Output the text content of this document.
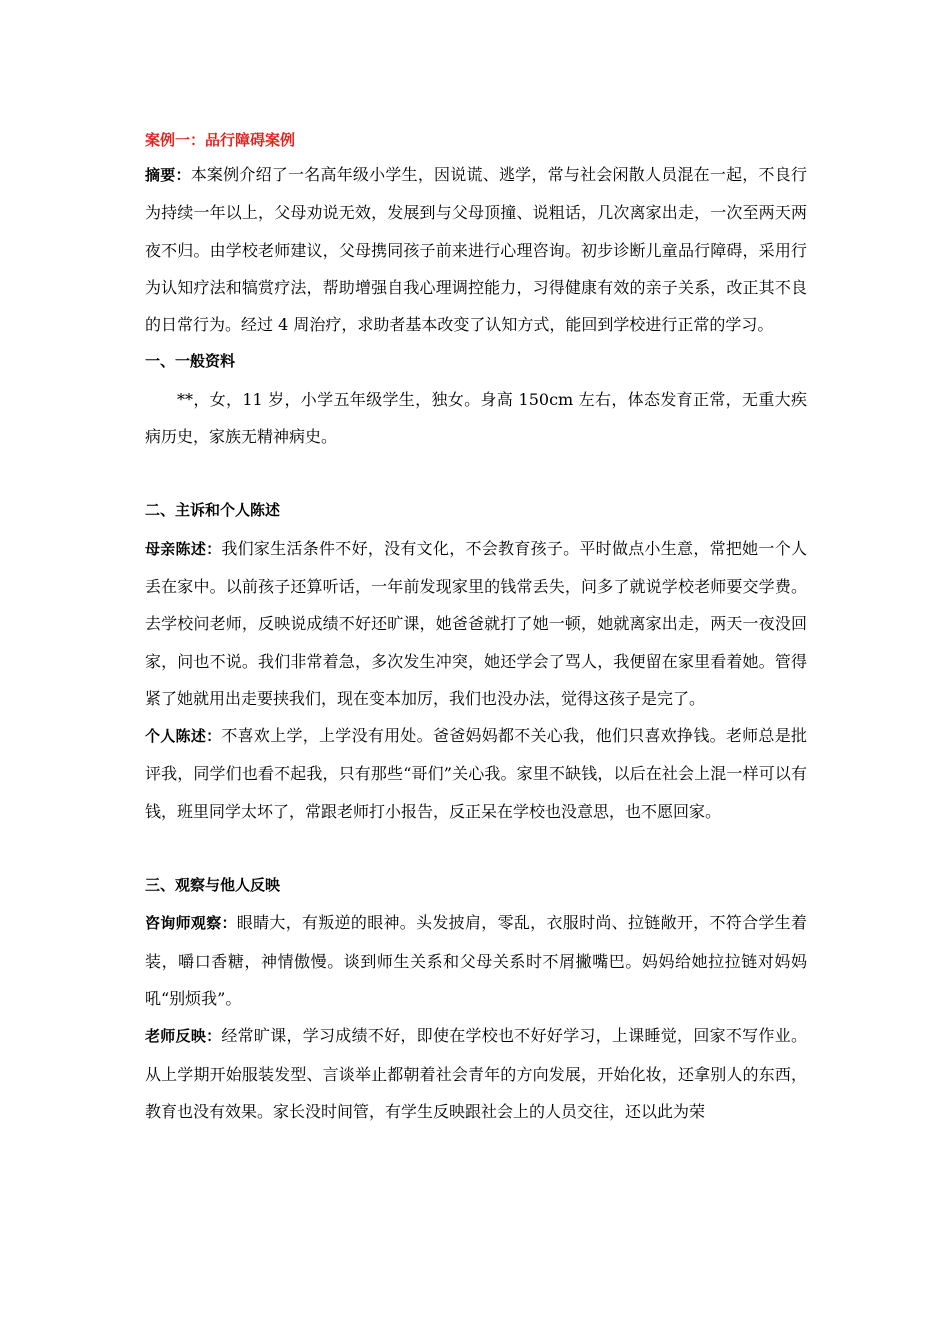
案例一：品行障碍案例

摘要：本案例介绍了一名高年级小学生，因说谎、逃学，常与社会闲散人员混在一起，不良行为持续一年以上，父母劝说无效，发展到与父母顶撞、说粗话，几次离家出走，一次至两天两夜不归。由学校老师建议，父母携同孩子前来进行心理咨询。初步诊断儿童品行障碍，采用行为认知疗法和犒赏疗法，帮助增强自我心理调控能力，习得健康有效的亲子关系，改正其不良的日常行为。经过 4 周治疗，求助者基本改变了认知方式，能回到学校进行正常的学习。

一、一般资料

**，女，11 岁，小学五年级学生，独女。身高 150cm 左右，体态发育正常，无重大疾病历史，家族无精神病史。

二、主诉和个人陈述

母亲陈述：我们家生活条件不好，没有文化，不会教育孩子。平时做点小生意，常把她一个人丢在家中。以前孩子还算听话，一年前发现家里的钱常丢失，问多了就说学校老师要交学费。去学校问老师，反映说成绩不好还旷课，她爸爸就打了她一顿，她就离家出走，两天一夜没回家，问也不说。我们非常着急，多次发生冲突，她还学会了骂人，我便留在家里看着她。管得紧了她就用出走要挟我们，现在变本加厉，我们也没办法，觉得这孩子是完了。

个人陈述：不喜欢上学，上学没有用处。爸爸妈妈都不关心我，他们只喜欢挣钱。老师总是批评我，同学们也看不起我，只有那些“哥们”关心我。家里不缺钱，以后在社会上混一样可以有钱，班里同学太坏了，常跟老师打小报告，反正呆在学校也没意思，也不愿回家。

三、观察与他人反映

咨询师观察：眼睛大，有叛逆的眼神。头发披肩，零乱，衣服时尚、拉链敞开，不符合学生着装，嚼口香糖，神情傲慢。谈到师生关系和父母关系时不屑撇嘴巴。妈妈给她拉拉链对妈妈吼“别烦我”。

老师反映：经常旷课，学习成绩不好，即使在学校也不好好学习，上课睡觉，回家不写作业。从上学期开始服装发型、言谈举止都朝着社会青年的方向发展，开始化妆，还拿别人的东西，教育也没有效果。家长没时间管，有学生反映跟社会上的人员交往，还以此为荣
